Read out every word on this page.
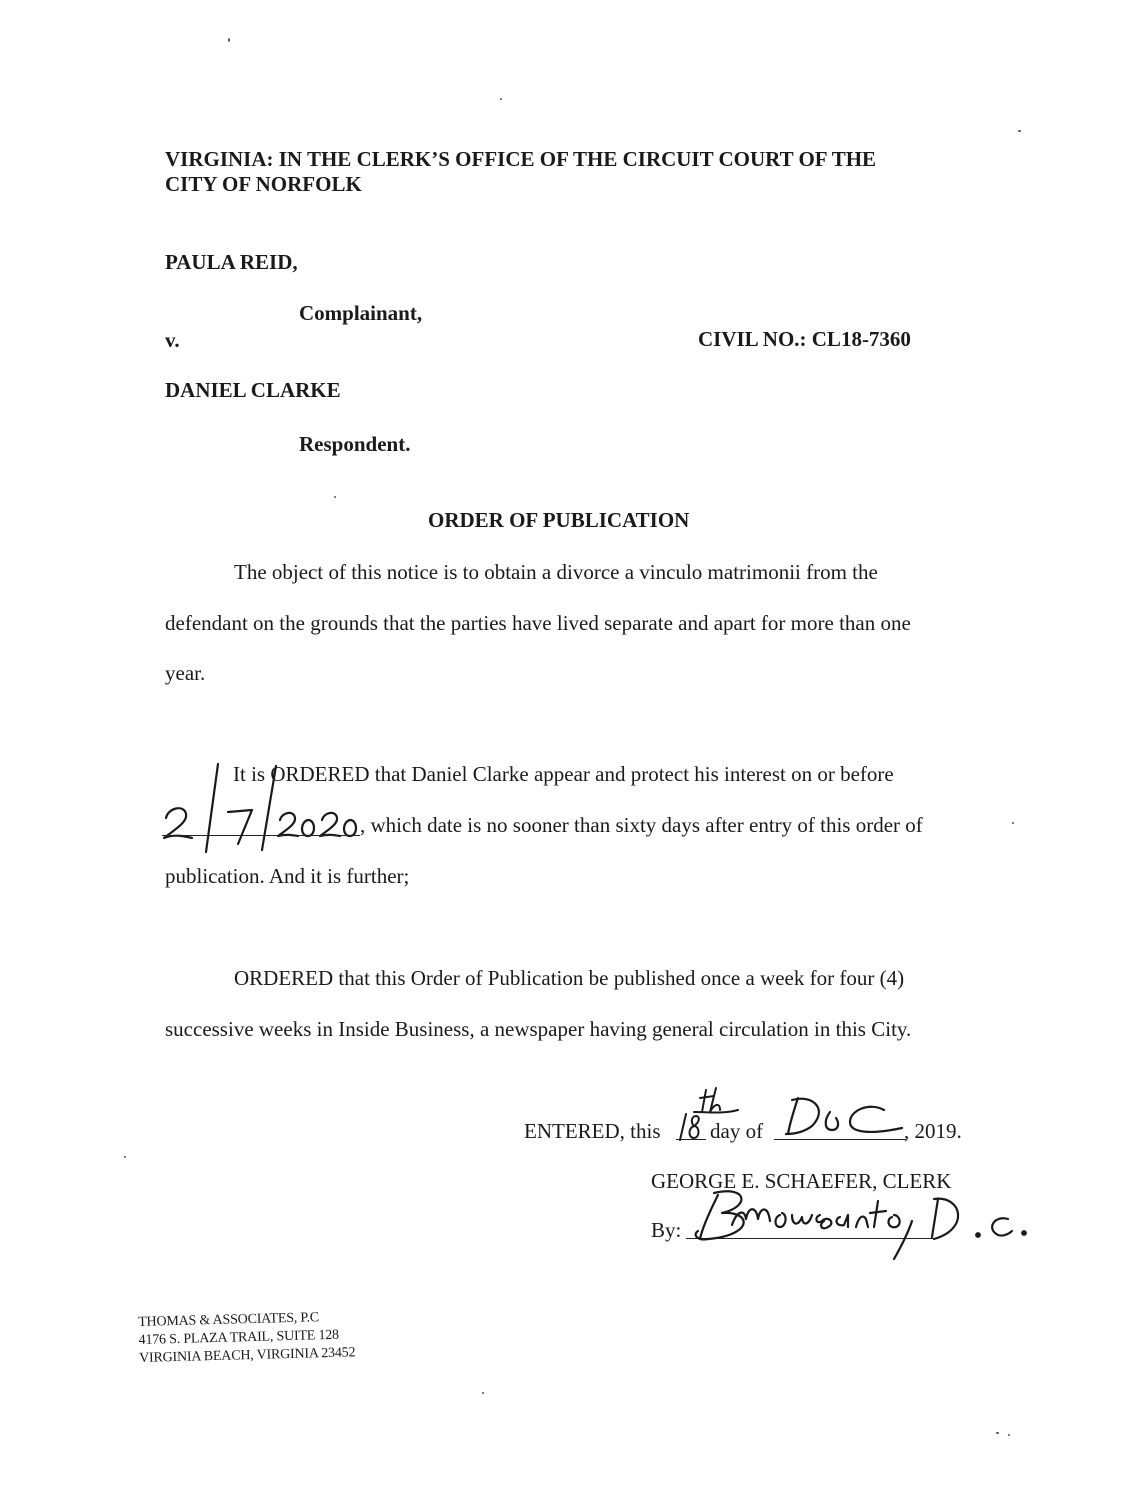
VIRGINIA: IN THE CLERK’S OFFICE OF THE CIRCUIT COURT OF THE
CITY OF NORFOLK
PAULA REID,
Complainant,
v.	CIVIL NO.: CL18-7360
DANIEL CLARKE
Respondent.
ORDER OF PUBLICATION
The object of this notice is to obtain a divorce a vinculo matrimonii from the
defendant on the grounds that the parties have lived separate and apart for more than one
year.
It is ORDERED that Daniel Clarke appear and protect his interest on or before
, which date is no sooner than sixty days after entry of this order of
publication. And it is further;
ORDERED that this Order of Publication be published once a week for four (4)
successive weeks in Inside Business, a newspaper having general circulation in this City.
ENTERED, this day of	, 2019.
GEORGE E. SCHAEFER, CLERK
By:
THOMAS & ASSOCIATES, P.C
4176 S. PLAZA TRAIL, SUITE 128
VIRGINIA BEACH, VIRGINIA 23452
